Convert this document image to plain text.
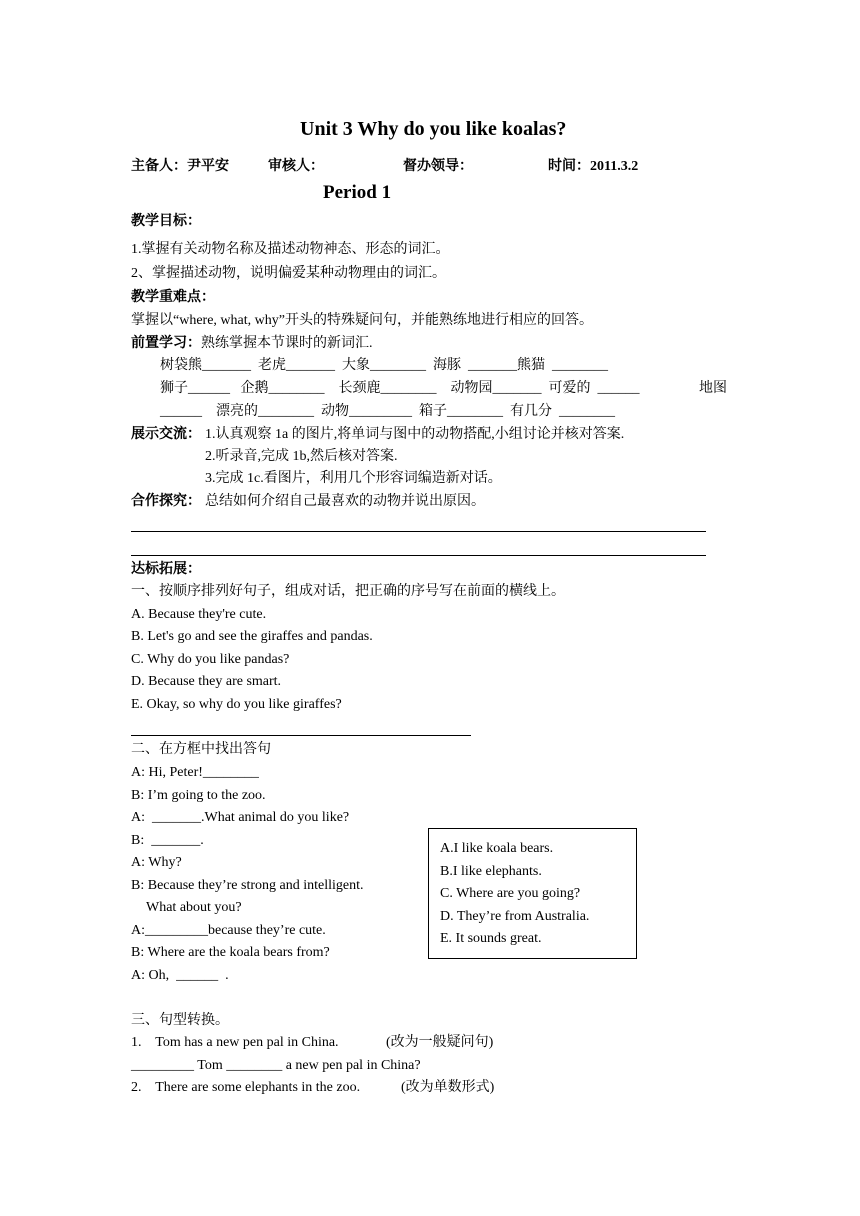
Unit 3 Why do you like koalas?
主备人：尹平安	审核人：	督办领导：	时间：2011.3.2
Period 1
教学目标：
1.掌握有关动物名称及描述动物神态、形态的词汇。
2、掌握描述动物，说明偏爱某种动物理由的词汇。
教学重难点：
掌握以“where, what, why”开头的特殊疑问句，并能熟练地进行相应的回答。
前置学习：熟练掌握本节课时的新词汇.
树袋熊_______  老虎_______  大象________  海豚  _______熊猫  ________
狮子______   企鹅________    长颈鹿________    动物园_______  可爱的  ______	地图
______    漂亮的________  动物_________  箱子________  有几分  ________
展示交流： 1.认真观察 1a 的图片,将单词与图中的动物搭配,小组讨论并核对答案.
2.听录音,完成 1b,然后核对答案.
3.完成 1c.看图片，利用几个形容词编造新对话。
合作探究： 总结如何介绍自己最喜欢的动物并说出原因。
达标拓展：
一、按顺序排列好句子，组成对话，把正确的序号写在前面的横线上。
A. Because they're cute.
B. Let's go and see the giraffes and pandas.
C. Why do you like pandas?
D. Because they are smart.
E. Okay, so why do you like giraffes?
二、在方框中找出答句
A: Hi, Peter!________
B: I’m going to the zoo.
A:  _______.What animal do you like?
B:  _______.
A: Why?
B: Because they’re strong and intelligent.
What about you?
A:_________because they’re cute.
B: Where are the koala bears from?
A: Oh,  ______  .
A.I like koala bears.
B.I like elephants.
C. Where are you going?
D. They’re from Australia.
E. It sounds great.
三、句型转换。
1.    Tom has a new pen pal in China.	(改为一般疑问句)
_________ Tom ________ a new pen pal in China?
2.    There are some elephants in the zoo.	(改为单数形式)
